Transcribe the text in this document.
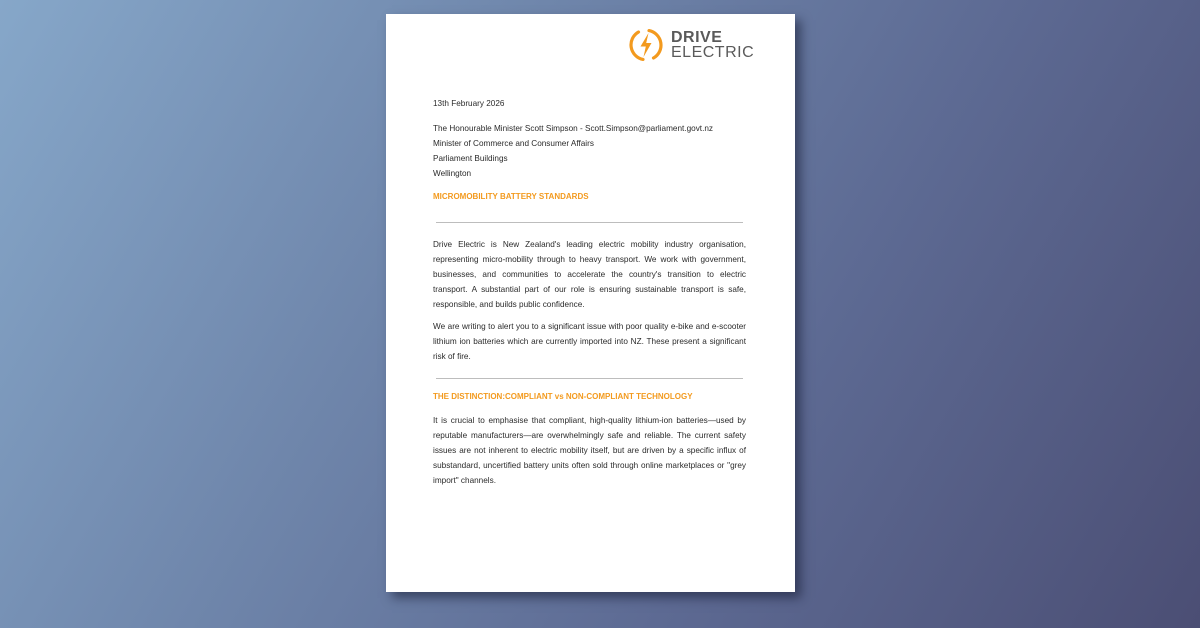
DRIVE
ELECTRIC

13th February 2026

The Honourable Minister Scott Simpson - Scott.Simpson@parliament.govt.nz

Minister of Commerce and Consumer Affairs

Parliament Buildings

Wellington

MICROMOBILITY BATTERY STANDARDS

Drive Electric is New Zealand's leading electric mobility industry organisation, representing micro-mobility through to heavy transport. We work with government, businesses, and communities to accelerate the country's transition to electric transport. A substantial part of our role is ensuring sustainable transport is safe, responsible, and builds public confidence.

We are writing to alert you to a significant issue with poor quality e-bike and e-scooter lithium ion batteries which are currently imported into NZ. These present a significant risk of fire.

THE DISTINCTION:COMPLIANT vs NON-COMPLIANT TECHNOLOGY

It is crucial to emphasise that compliant, high-quality lithium-ion batteries—used by reputable manufacturers—are overwhelmingly safe and reliable. The current safety issues are not inherent to electric mobility itself, but are driven by a specific influx of substandard, uncertified battery units often sold through online marketplaces or "grey import" channels.
